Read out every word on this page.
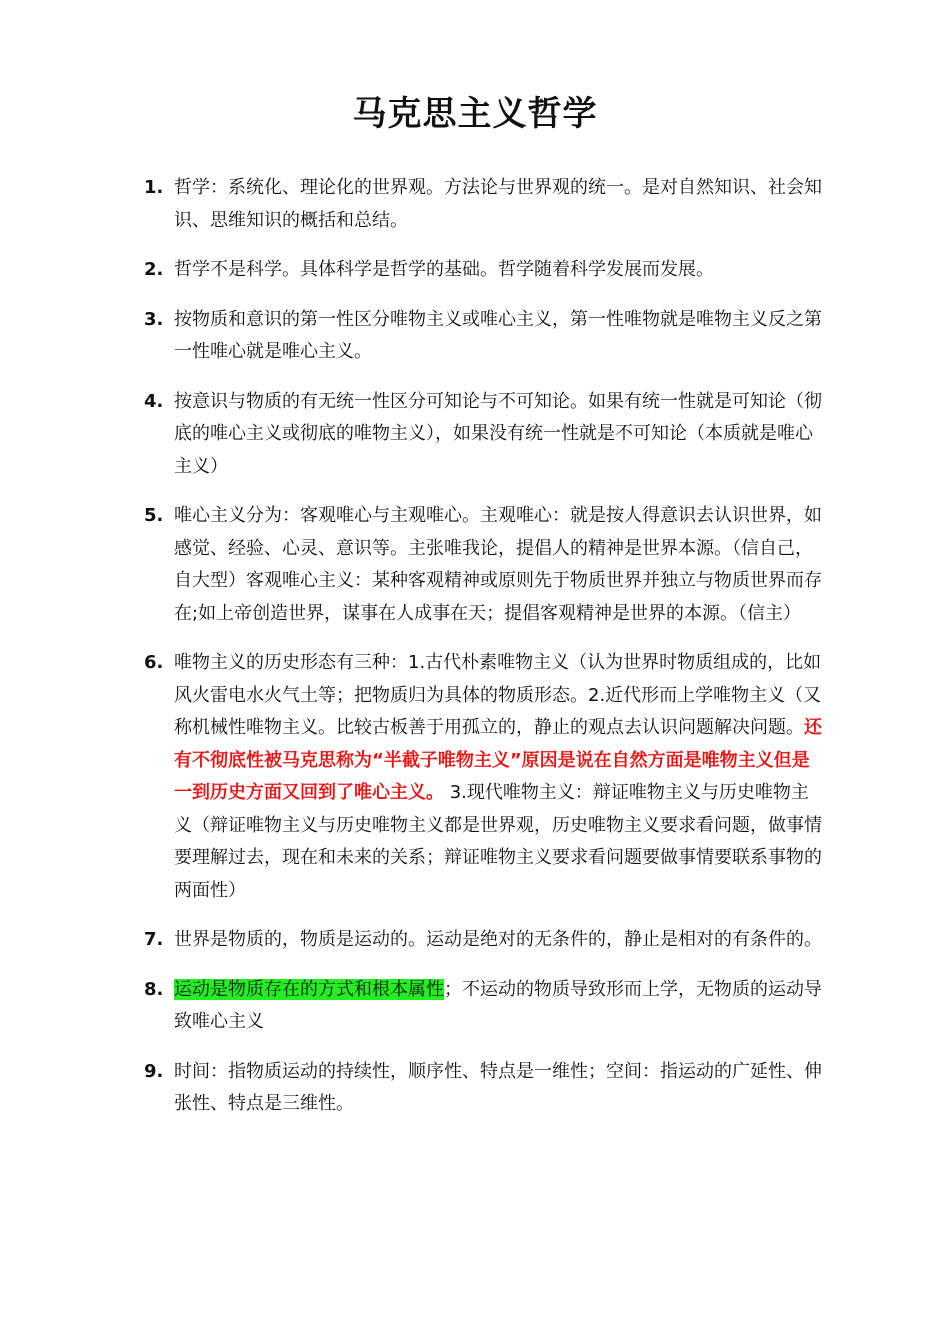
马克思主义哲学
1. 哲学：系统化、理论化的世界观。方法论与世界观的统一。是对自然知识、社会知识、思维知识的概括和总结。
2. 哲学不是科学。具体科学是哲学的基础。哲学随着科学发展而发展。
3. 按物质和意识的第一性区分唯物主义或唯心主义，第一性唯物就是唯物主义反之第一性唯心就是唯心主义。
4. 按意识与物质的有无统一性区分可知论与不可知论。如果有统一性就是可知论（彻底的唯心主义或彻底的唯物主义），如果没有统一性就是不可知论（本质就是唯心主义）
5. 唯心主义分为：客观唯心与主观唯心。主观唯心：就是按人得意识去认识世界，如感觉、经验、心灵、意识等。主张唯我论，提倡人的精神是世界本源。（信自己，自大型）客观唯心主义：某种客观精神或原则先于物质世界并独立与物质世界而存在;如上帝创造世界，谋事在人成事在天；提倡客观精神是世界的本源。（信主）
6. 唯物主义的历史形态有三种：1.古代朴素唯物主义（认为世界时物质组成的，比如风火雷电水火气土等；把物质归为具体的物质形态。2.近代形而上学唯物主义（又称机械性唯物主义。比较古板善于用孤立的，静止的观点去认识问题解决问题。还有不彻底性被马克思称为“半截子唯物主义”原因是说在自然方面是唯物主义但是一到历史方面又回到了唯心主义。 3.现代唯物主义：辩证唯物主义与历史唯物主义（辩证唯物主义与历史唯物主义都是世界观，历史唯物主义要求看问题，做事情要理解过去，现在和未来的关系；辩证唯物主义要求看问题要做事情要联系事物的两面性）
7. 世界是物质的，物质是运动的。运动是绝对的无条件的，静止是相对的有条件的。
8. 运动是物质存在的方式和根本属性；不运动的物质导致形而上学，无物质的运动导致唯心主义
9. 时间：指物质运动的持续性，顺序性、特点是一维性；空间：指运动的广延性、伸张性、特点是三维性。
